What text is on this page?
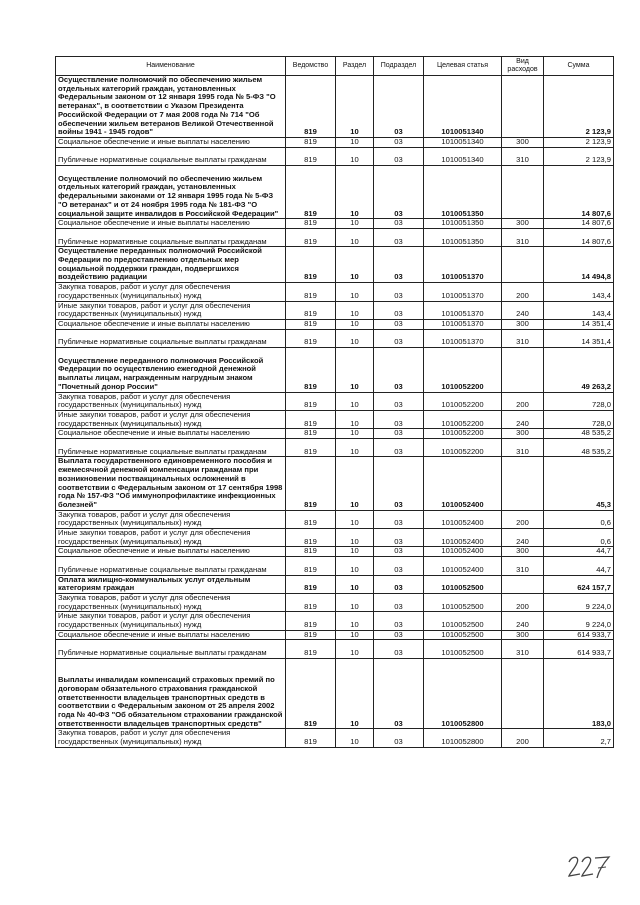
Наименование	Ведомство	Раздел	Подраздел	Целевая статья	Вид расходов	Сумма
Осуществление полномочий по обеспечению жильем отдельных категорий граждан, установленных Федеральным законом от 12 января 1995 года № 5-ФЗ "О ветеранах", в соответствии с Указом Президента Российской Федерации от 7 мая 2008 года № 714 "Об обеспечении жильем ветеранов Великой Отечественной войны 1941 - 1945 годов"	819	10	03	1010051340		2 123,9
Социальное обеспечение и иные выплаты населению	819	10	03	1010051340	300	2 123,9
Публичные нормативные социальные выплаты гражданам	819	10	03	1010051340	310	2 123,9
Осуществление полномочий по обеспечению жильем отдельных категорий граждан, установленных федеральными законами от 12 января 1995 года № 5-ФЗ "О ветеранах" и от 24 ноября 1995 года № 181-ФЗ "О социальной защите инвалидов в Российской Федерации"	819	10	03	1010051350		14 807,6
Социальное обеспечение и иные выплаты населению	819	10	03	1010051350	300	14 807,6
Публичные нормативные социальные выплаты гражданам	819	10	03	1010051350	310	14 807,6
Осуществление переданных полномочий Российской Федерации по предоставлению отдельных мер социальной поддержки граждан, подвергшихся воздействию радиации	819	10	03	1010051370		14 494,8
Закупка товаров, работ и услуг для обеспечения государственных (муниципальных) нужд	819	10	03	1010051370	200	143,4
Иные закупки товаров, работ и услуг для обеспечения государственных (муниципальных) нужд	819	10	03	1010051370	240	143,4
Социальное обеспечение и иные выплаты населению	819	10	03	1010051370	300	14 351,4
Публичные нормативные социальные выплаты гражданам	819	10	03	1010051370	310	14 351,4
Осуществление переданного полномочия Российской Федерации по осуществлению ежегодной денежной выплаты лицам, награжденным нагрудным знаком "Почетный донор России"	819	10	03	1010052200		49 263,2
Закупка товаров, работ и услуг для обеспечения государственных (муниципальных) нужд	819	10	03	1010052200	200	728,0
Иные закупки товаров, работ и услуг для обеспечения государственных (муниципальных) нужд	819	10	03	1010052200	240	728,0
Социальное обеспечение и иные выплаты населению	819	10	03	1010052200	300	48 535,2
Публичные нормативные социальные выплаты гражданам	819	10	03	1010052200	310	48 535,2
Выплата государственного единовременного пособия и ежемесячной денежной компенсации гражданам при возникновении поствакцинальных осложнений в соответствии с Федеральным законом от 17 сентября 1998 года № 157-ФЗ "Об иммунопрофилактике инфекционных болезней"	819	10	03	1010052400		45,3
Закупка товаров, работ и услуг для обеспечения государственных (муниципальных) нужд	819	10	03	1010052400	200	0,6
Иные закупки товаров, работ и услуг для обеспечения государственных (муниципальных) нужд	819	10	03	1010052400	240	0,6
Социальное обеспечение и иные выплаты населению	819	10	03	1010052400	300	44,7
Публичные нормативные социальные выплаты гражданам	819	10	03	1010052400	310	44,7
Оплата жилищно-коммунальных услуг отдельным категориям граждан	819	10	03	1010052500		624 157,7
Закупка товаров, работ и услуг для обеспечения государственных (муниципальных) нужд	819	10	03	1010052500	200	9 224,0
Иные закупки товаров, работ и услуг для обеспечения государственных (муниципальных) нужд	819	10	03	1010052500	240	9 224,0
Социальное обеспечение и иные выплаты населению	819	10	03	1010052500	300	614 933,7
Публичные нормативные социальные выплаты гражданам	819	10	03	1010052500	310	614 933,7
Выплаты инвалидам компенсаций страховых премий по договорам обязательного страхования гражданской ответственности владельцев транспортных средств в соответствии с Федеральным законом от 25 апреля 2002 года № 40-ФЗ "Об обязательном страховании гражданской ответственности владельцев транспортных средств"	819	10	03	1010052800		183,0
Закупка товаров, работ и услуг для обеспечения государственных (муниципальных) нужд	819	10	03	1010052800	200	2,7
